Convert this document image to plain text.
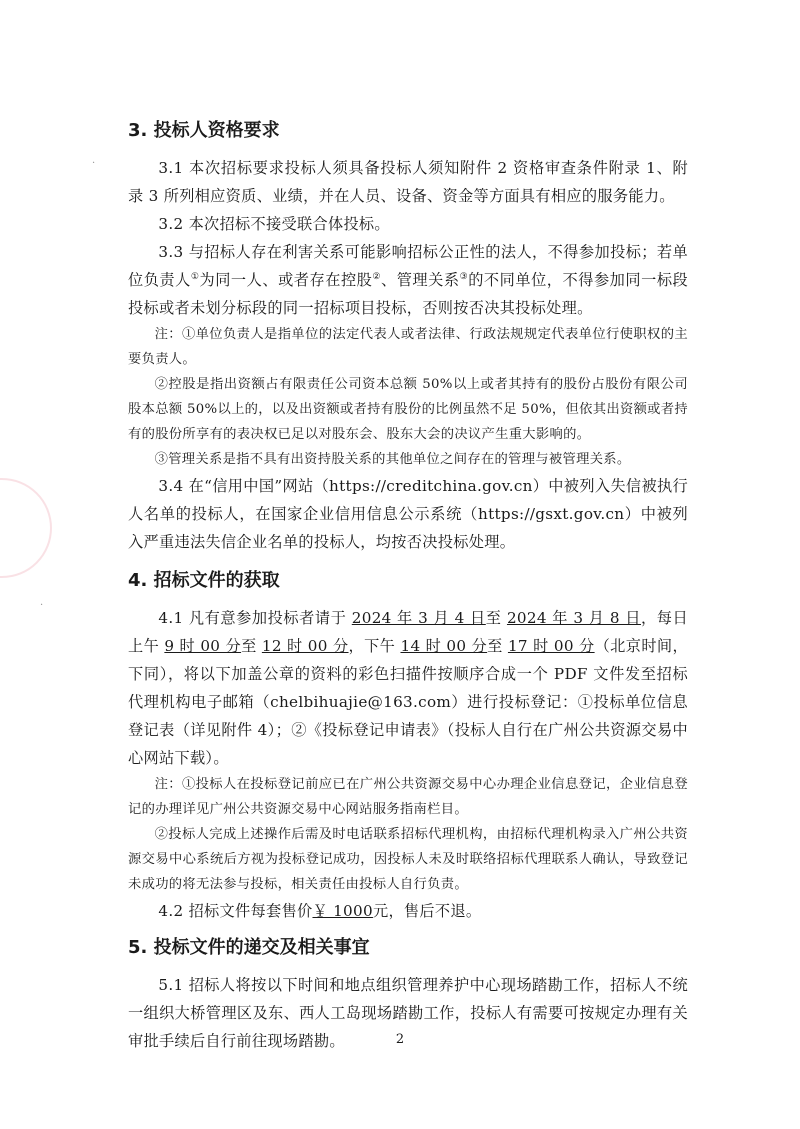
·
·
3. 投标人资格要求

3.1 本次招标要求投标人须具备投标人须知附件 2 资格审查条件附录 1、附录 3 所列相应资质、业绩，并在人员、设备、资金等方面具有相应的服务能力。

3.2 本次招标不接受联合体投标。

3.3 与招标人存在利害关系可能影响招标公正性的法人，不得参加投标；若单位负责人①为同一人、或者存在控股②、管理关系③的不同单位，不得参加同一标段投标或者未划分标段的同一招标项目投标，否则按否决其投标处理。

注：①单位负责人是指单位的法定代表人或者法律、行政法规规定代表单位行使职权的主要负责人。

②控股是指出资额占有限责任公司资本总额 50%以上或者其持有的股份占股份有限公司股本总额 50%以上的，以及出资额或者持有股份的比例虽然不足 50%，但依其出资额或者持有的股份所享有的表决权已足以对股东会、股东大会的决议产生重大影响的。

③管理关系是指不具有出资持股关系的其他单位之间存在的管理与被管理关系。

3.4 在“信用中国”网站（https://creditchina.gov.cn）中被列入失信被执行人名单的投标人，在国家企业信用信息公示系统（https://gsxt.gov.cn）中被列入严重违法失信企业名单的投标人，均按否决投标处理。

4. 招标文件的获取

4.1 凡有意参加投标者请于 2024 年 3 月 4 日至 2024 年 3 月 8 日，每日上午 9 时 00 分至 12 时 00 分，下午 14 时 00 分至 17 时 00 分（北京时间，下同），将以下加盖公章的资料的彩色扫描件按顺序合成一个 PDF 文件发至招标代理机构电子邮箱（chelbihuajie@163.com）进行投标登记：①投标单位信息登记表（详见附件 4）；②《投标登记申请表》（投标人自行在广州公共资源交易中心网站下载）。

注：①投标人在投标登记前应已在广州公共资源交易中心办理企业信息登记，企业信息登记的办理详见广州公共资源交易中心网站服务指南栏目。

②投标人完成上述操作后需及时电话联系招标代理机构，由招标代理机构录入广州公共资源交易中心系统后方视为投标登记成功，因投标人未及时联络招标代理联系人确认，导致登记未成功的将无法参与投标，相关责任由投标人自行负责。

4.2 招标文件每套售价￥ 1000元，售后不退。

5. 投标文件的递交及相关事宜

5.1 招标人将按以下时间和地点组织管理养护中心现场踏勘工作，招标人不统一组织大桥管理区及东、西人工岛现场踏勘工作，投标人有需要可按规定办理有关审批手续后自行前往现场踏勘。	2
